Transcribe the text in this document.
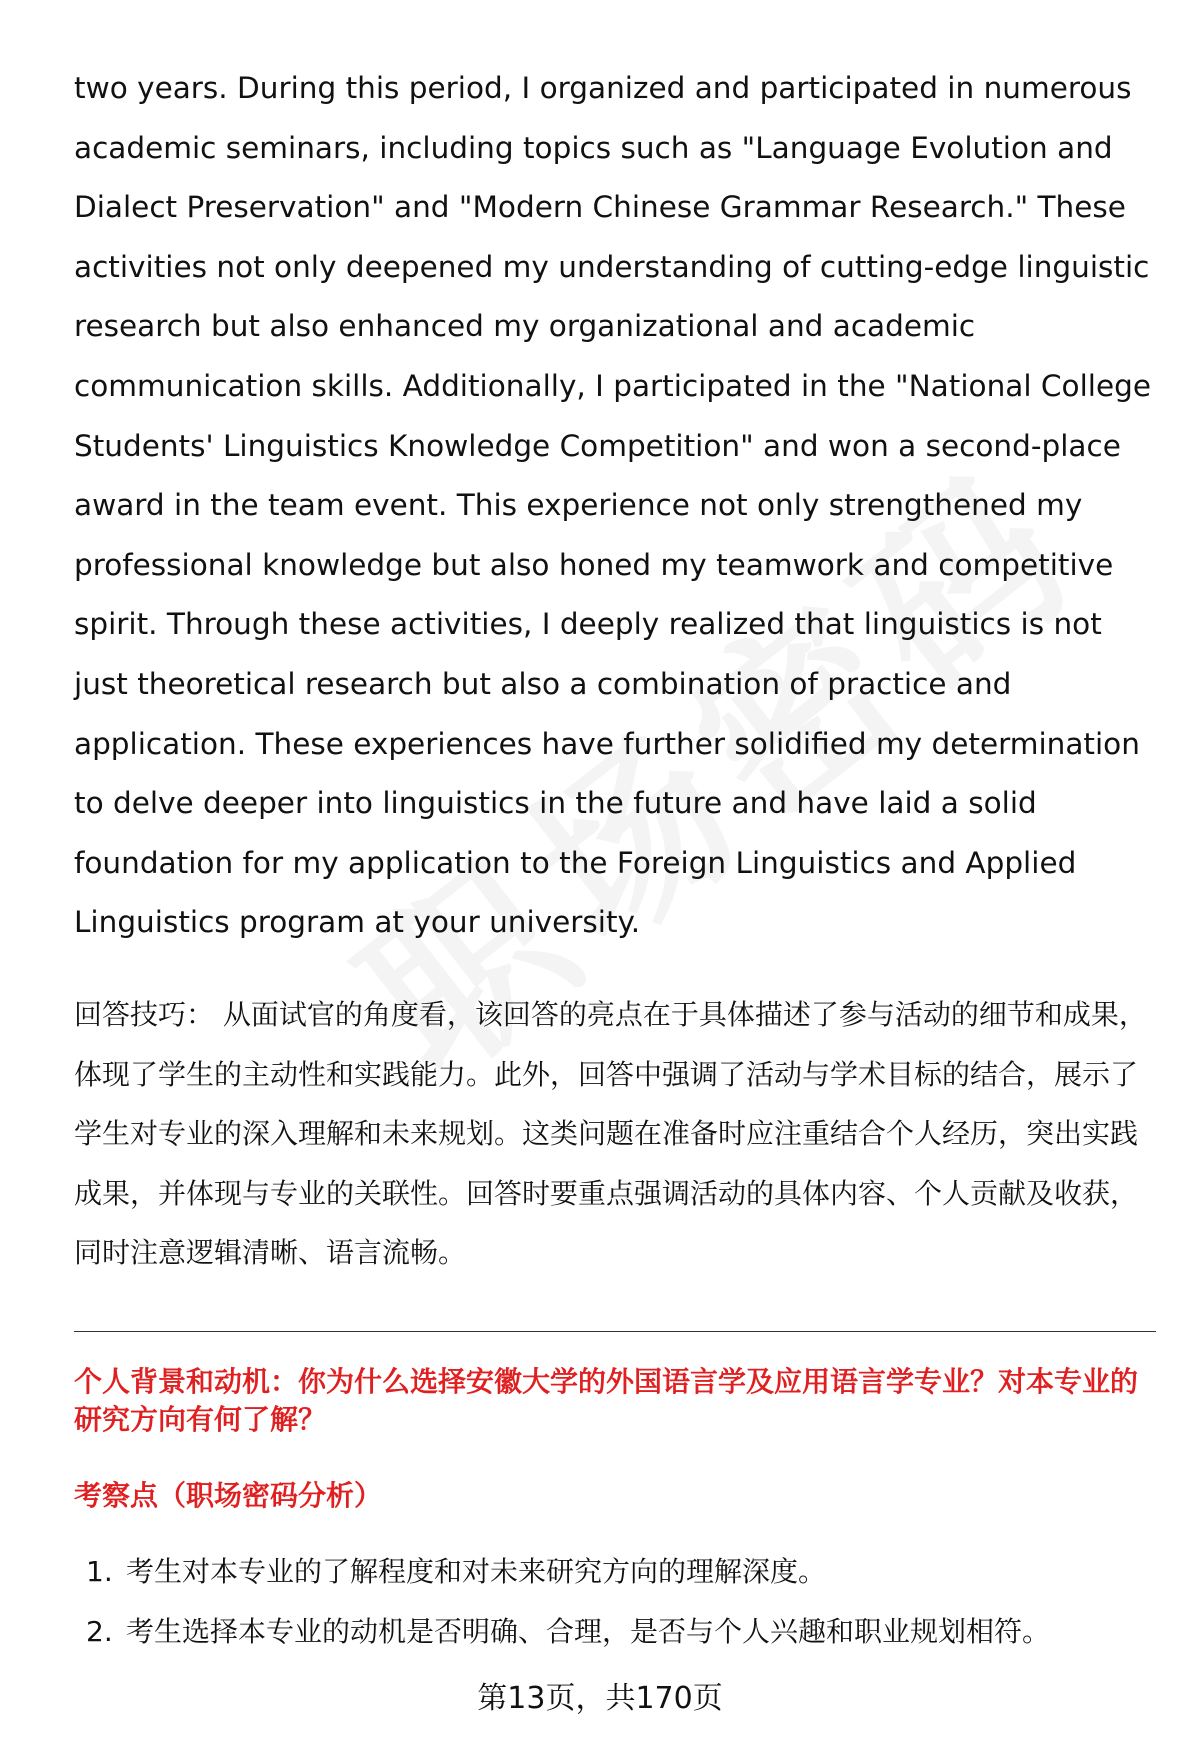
two years. During this period, I organized and participated in numerous academic seminars, including topics such as "Language Evolution and Dialect Preservation" and "Modern Chinese Grammar Research." These activities not only deepened my understanding of cutting-edge linguistic research but also enhanced my organizational and academic communication skills. Additionally, I participated in the "National College Students' Linguistics Knowledge Competition" and won a second-place award in the team event. This experience not only strengthened my professional knowledge but also honed my teamwork and competitive spirit. Through these activities, I deeply realized that linguistics is not just theoretical research but also a combination of practice and application. These experiences have further solidified my determination to delve deeper into linguistics in the future and have laid a solid foundation for my application to the Foreign Linguistics and Applied Linguistics program at your university.

回答技巧： 从面试官的角度看，该回答的亮点在于具体描述了参与活动的细节和成果，体现了学生的主动性和实践能力。此外，回答中强调了活动与学术目标的结合，展示了学生对专业的深入理解和未来规划。这类问题在准备时应注重结合个人经历，突出实践成果，并体现与专业的关联性。回答时要重点强调活动的具体内容、个人贡献及收获，同时注意逻辑清晰、语言流畅。

个人背景和动机：你为什么选择安徽大学的外国语言学及应用语言学专业？对本专业的研究方向有何了解？

考察点（职场密码分析）

1. 考生对本专业的了解程度和对未来研究方向的理解深度。
2. 考生选择本专业的动机是否明确、合理，是否与个人兴趣和职业规划相符。
第13页，共170页
